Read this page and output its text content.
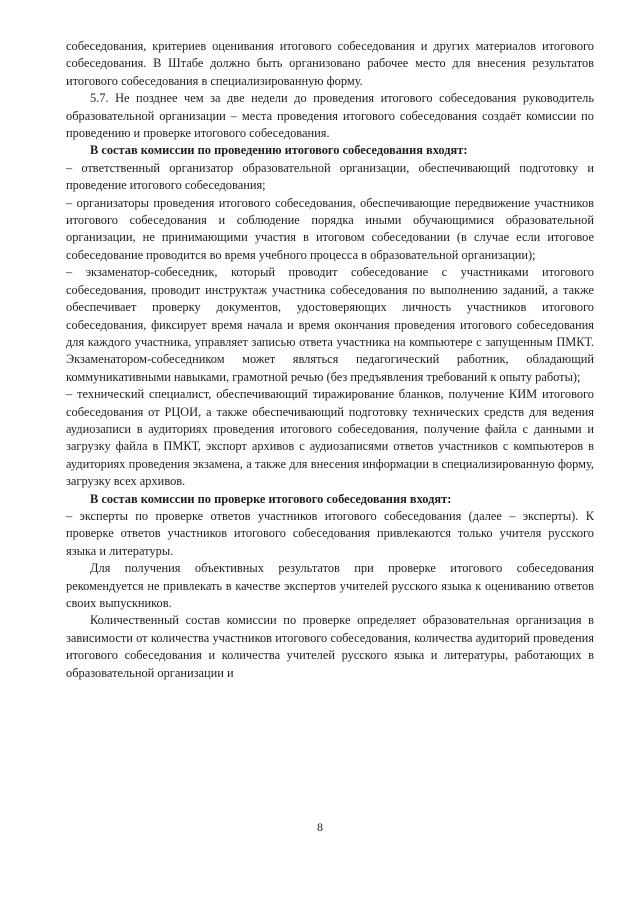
собеседования, критериев оценивания итогового собеседования и других материалов итогового собеседования. В Штабе должно быть организовано рабочее место для внесения результатов итогового собеседования в специализированную форму.

5.7. Не позднее чем за две недели до проведения итогового собеседования руководитель образовательной организации – места проведения итогового собеседования создаёт комиссии по проведению и проверке итогового собеседования.

В состав комиссии по проведению итогового собеседования входят:

– ответственный организатор образовательной организации, обеспечивающий подготовку и проведение итогового собеседования;

– организаторы проведения итогового собеседования, обеспечивающие передвижение участников итогового собеседования и соблюдение порядка иными обучающимися образовательной организации, не принимающими участия в итоговом собеседовании (в случае если итоговое собеседование проводится во время учебного процесса в образовательной организации);

– экзаменатор-собеседник, который проводит собеседование с участниками итогового собеседования, проводит инструктаж участника собеседования по выполнению заданий, а также обеспечивает проверку документов, удостоверяющих личность участников итогового собеседования, фиксирует время начала и время окончания проведения итогового собеседования для каждого участника, управляет записью ответа участника на компьютере с запущенным ПМКТ. Экзаменатором-собеседником может являться педагогический работник, обладающий коммуникативными навыками, грамотной речью (без предъявления требований к опыту работы);

– технический специалист, обеспечивающий тиражирование бланков, получение КИМ итогового собеседования от РЦОИ, а также обеспечивающий подготовку технических средств для ведения аудиозаписи в аудиториях проведения итогового собеседования, получение файла с данными и загрузку файла в ПМКТ, экспорт архивов с аудиозаписями ответов участников с компьютеров в аудиториях проведения экзамена, а также для внесения информации в специализированную форму, загрузку всех архивов.

В состав комиссии по проверке итогового собеседования входят:

– эксперты по проверке ответов участников итогового собеседования (далее – эксперты). К проверке ответов участников итогового собеседования привлекаются только учителя русского языка и литературы.

Для получения объективных результатов при проверке итогового собеседования рекомендуется не привлекать в качестве экспертов учителей русского языка к оцениванию ответов своих выпускников.

Количественный состав комиссии по проверке определяет образовательная организация в зависимости от количества участников итогового собеседования, количества аудиторий проведения итогового собеседования и количества учителей русского языка и литературы, работающих в образовательной организации и

8
